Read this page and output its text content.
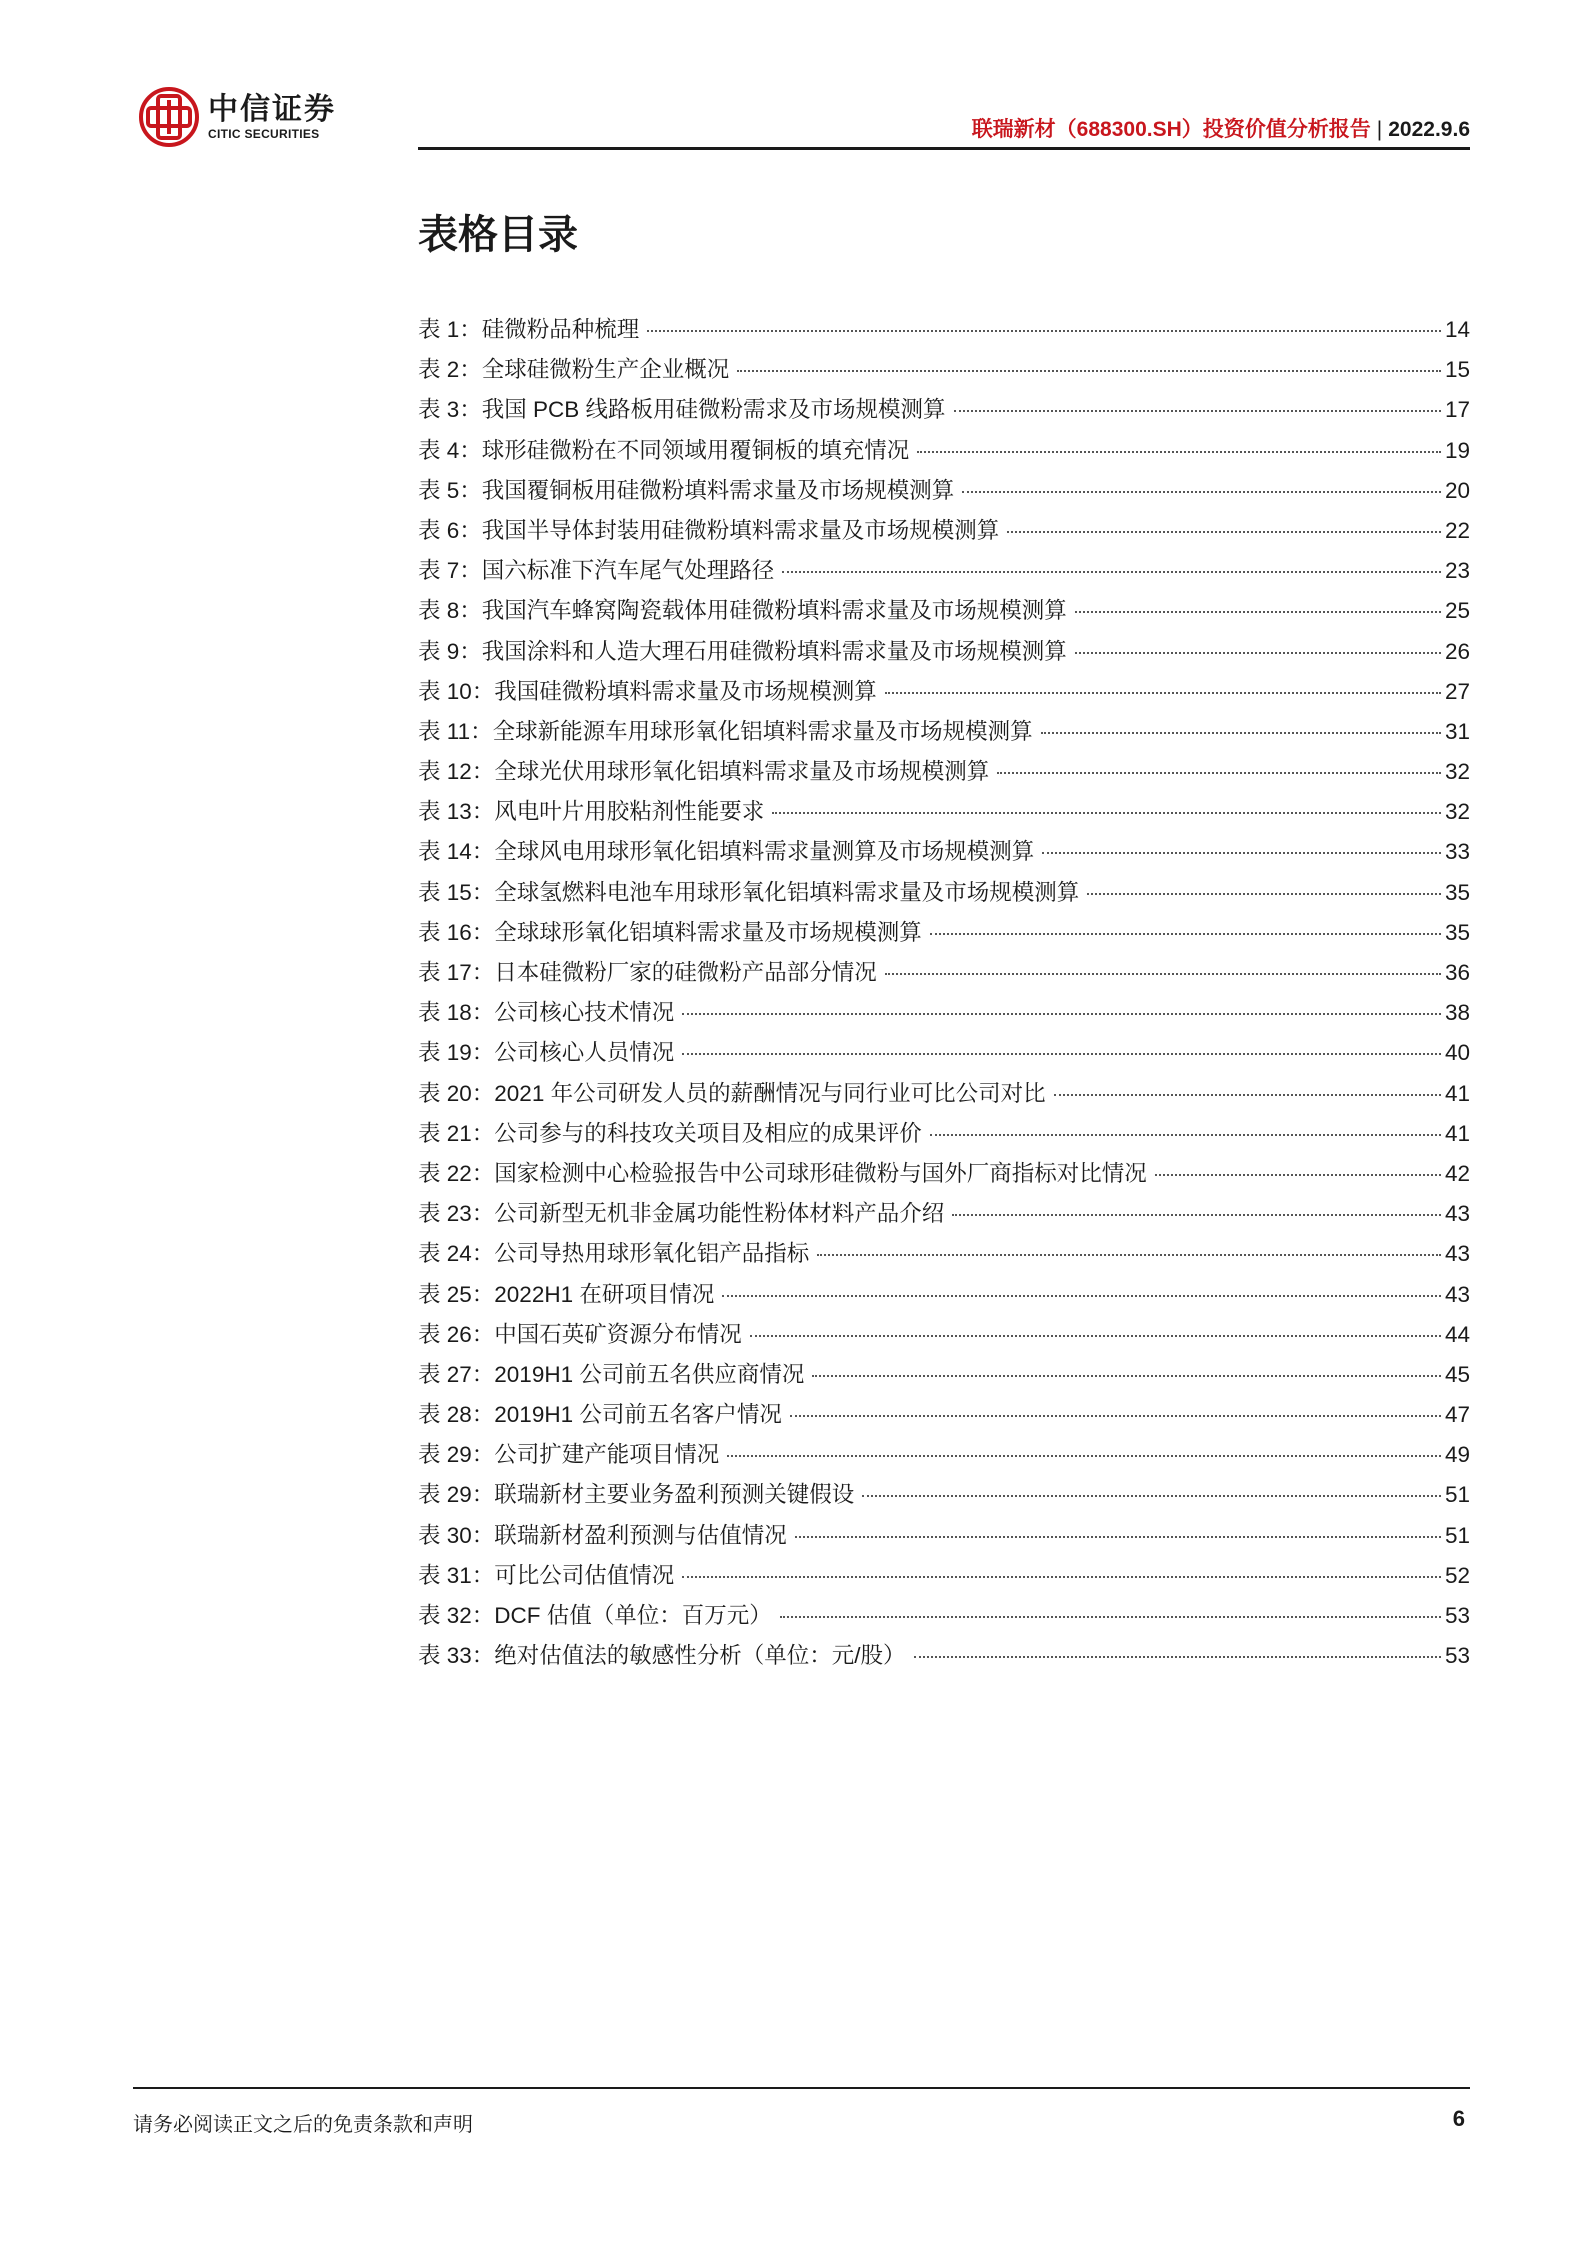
中信证券
CITIC SECURITIES	联瑞新材（688300.SH）投资价值分析报告 | 2022.9.6
表格目录
表 1：硅微粉品种梳理	14
表 2：全球硅微粉生产企业概况	15
表 3：我国 PCB 线路板用硅微粉需求及市场规模测算	17
表 4：球形硅微粉在不同领域用覆铜板的填充情况	19
表 5：我国覆铜板用硅微粉填料需求量及市场规模测算	20
表 6：我国半导体封装用硅微粉填料需求量及市场规模测算	22
表 7：国六标准下汽车尾气处理路径	23
表 8：我国汽车蜂窝陶瓷载体用硅微粉填料需求量及市场规模测算	25
表 9：我国涂料和人造大理石用硅微粉填料需求量及市场规模测算	26
表 10：我国硅微粉填料需求量及市场规模测算	27
表 11：全球新能源车用球形氧化铝填料需求量及市场规模测算	31
表 12：全球光伏用球形氧化铝填料需求量及市场规模测算	32
表 13：风电叶片用胶粘剂性能要求	32
表 14：全球风电用球形氧化铝填料需求量测算及市场规模测算	33
表 15：全球氢燃料电池车用球形氧化铝填料需求量及市场规模测算	35
表 16：全球球形氧化铝填料需求量及市场规模测算	35
表 17：日本硅微粉厂家的硅微粉产品部分情况	36
表 18：公司核心技术情况	38
表 19：公司核心人员情况	40
表 20：2021 年公司研发人员的薪酬情况与同行业可比公司对比	41
表 21：公司参与的科技攻关项目及相应的成果评价	41
表 22：国家检测中心检验报告中公司球形硅微粉与国外厂商指标对比情况	42
表 23：公司新型无机非金属功能性粉体材料产品介绍	43
表 24：公司导热用球形氧化铝产品指标	43
表 25：2022H1 在研项目情况	43
表 26：中国石英矿资源分布情况	44
表 27：2019H1 公司前五名供应商情况	45
表 28：2019H1 公司前五名客户情况	47
表 29：公司扩建产能项目情况	49
表 29：联瑞新材主要业务盈利预测关键假设	51
表 30：联瑞新材盈利预测与估值情况	51
表 31：可比公司估值情况	52
表 32：DCF 估值（单位：百万元）	53
表 33：绝对估值法的敏感性分析（单位：元/股）	53
请务必阅读正文之后的免责条款和声明	6
